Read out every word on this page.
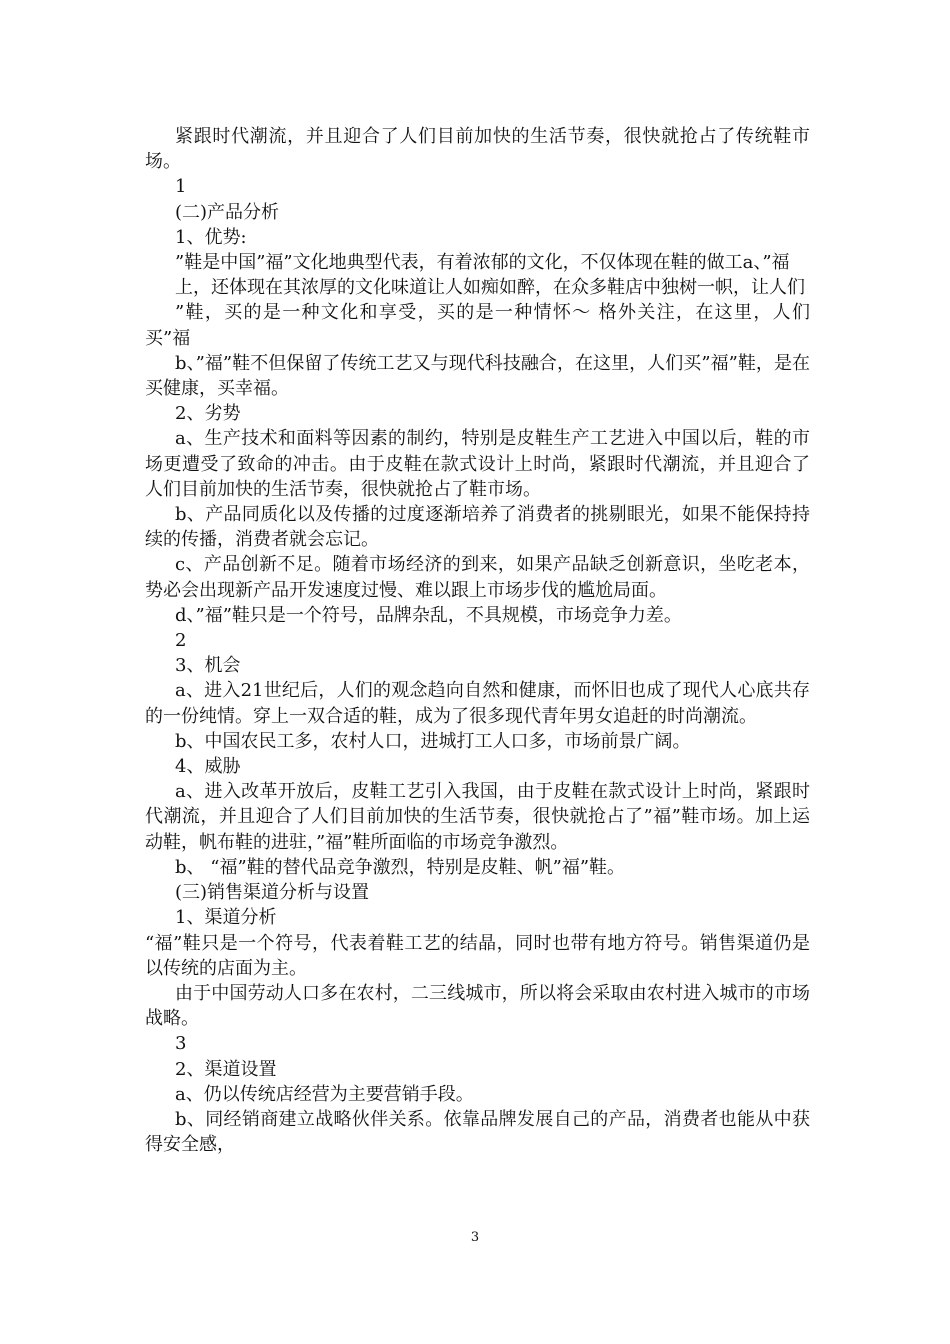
紧跟时代潮流，并且迎合了人们目前加快的生活节奏，很快就抢占了传统鞋市场。

1

(二)产品分析

1、优势:

”鞋是中国”福”文化地典型代表，有着浓郁的文化，不仅体现在鞋的做工a、”福

上，还体现在其浓厚的文化味道让人如痴如醉，在众多鞋店中独树一帜，让人们

”鞋，买的是一种文化和享受，买的是一种情怀～ 格外关注，在这里，人们买”福

b、”福”鞋不但保留了传统工艺又与现代科技融合，在这里，人们买”福”鞋，是在买健康，买幸福。

2、劣势

a、生产技术和面料等因素的制约，特别是皮鞋生产工艺进入中国以后，鞋的市场更遭受了致命的冲击。由于皮鞋在款式设计上时尚，紧跟时代潮流，并且迎合了人们目前加快的生活节奏，很快就抢占了鞋市场。

b、产品同质化以及传播的过度逐渐培养了消费者的挑剔眼光，如果不能保持持续的传播，消费者就会忘记。

c、产品创新不足。随着市场经济的到来，如果产品缺乏创新意识，坐吃老本，势必会出现新产品开发速度过慢、难以跟上市场步伐的尴尬局面。

d、”福”鞋只是一个符号，品牌杂乱，不具规模，市场竞争力差。

2

3、机会

a、进入21世纪后，人们的观念趋向自然和健康，而怀旧也成了现代人心底共存的一份纯情。穿上一双合适的鞋，成为了很多现代青年男女追赶的时尚潮流。

b、中国农民工多，农村人口，进城打工人口多，市场前景广阔。

4、威胁

a、进入改革开放后，皮鞋工艺引入我国，由于皮鞋在款式设计上时尚，紧跟时代潮流，并且迎合了人们目前加快的生活节奏，很快就抢占了”福”鞋市场。加上运动鞋，帆布鞋的进驻，”福”鞋所面临的市场竞争激烈。

b、 “福”鞋的替代品竞争激烈，特别是皮鞋、帆”福”鞋。

(三)销售渠道分析与设置

1、渠道分析

“福”鞋只是一个符号，代表着鞋工艺的结晶，同时也带有地方符号。销售渠道仍是以传统的店面为主。

由于中国劳动人口多在农村，二三线城市，所以将会采取由农村进入城市的市场战略。

3

2、渠道设置

a、仍以传统店经营为主要营销手段。

b、同经销商建立战略伙伴关系。依靠品牌发展自己的产品，消费者也能从中获得安全感，

3
